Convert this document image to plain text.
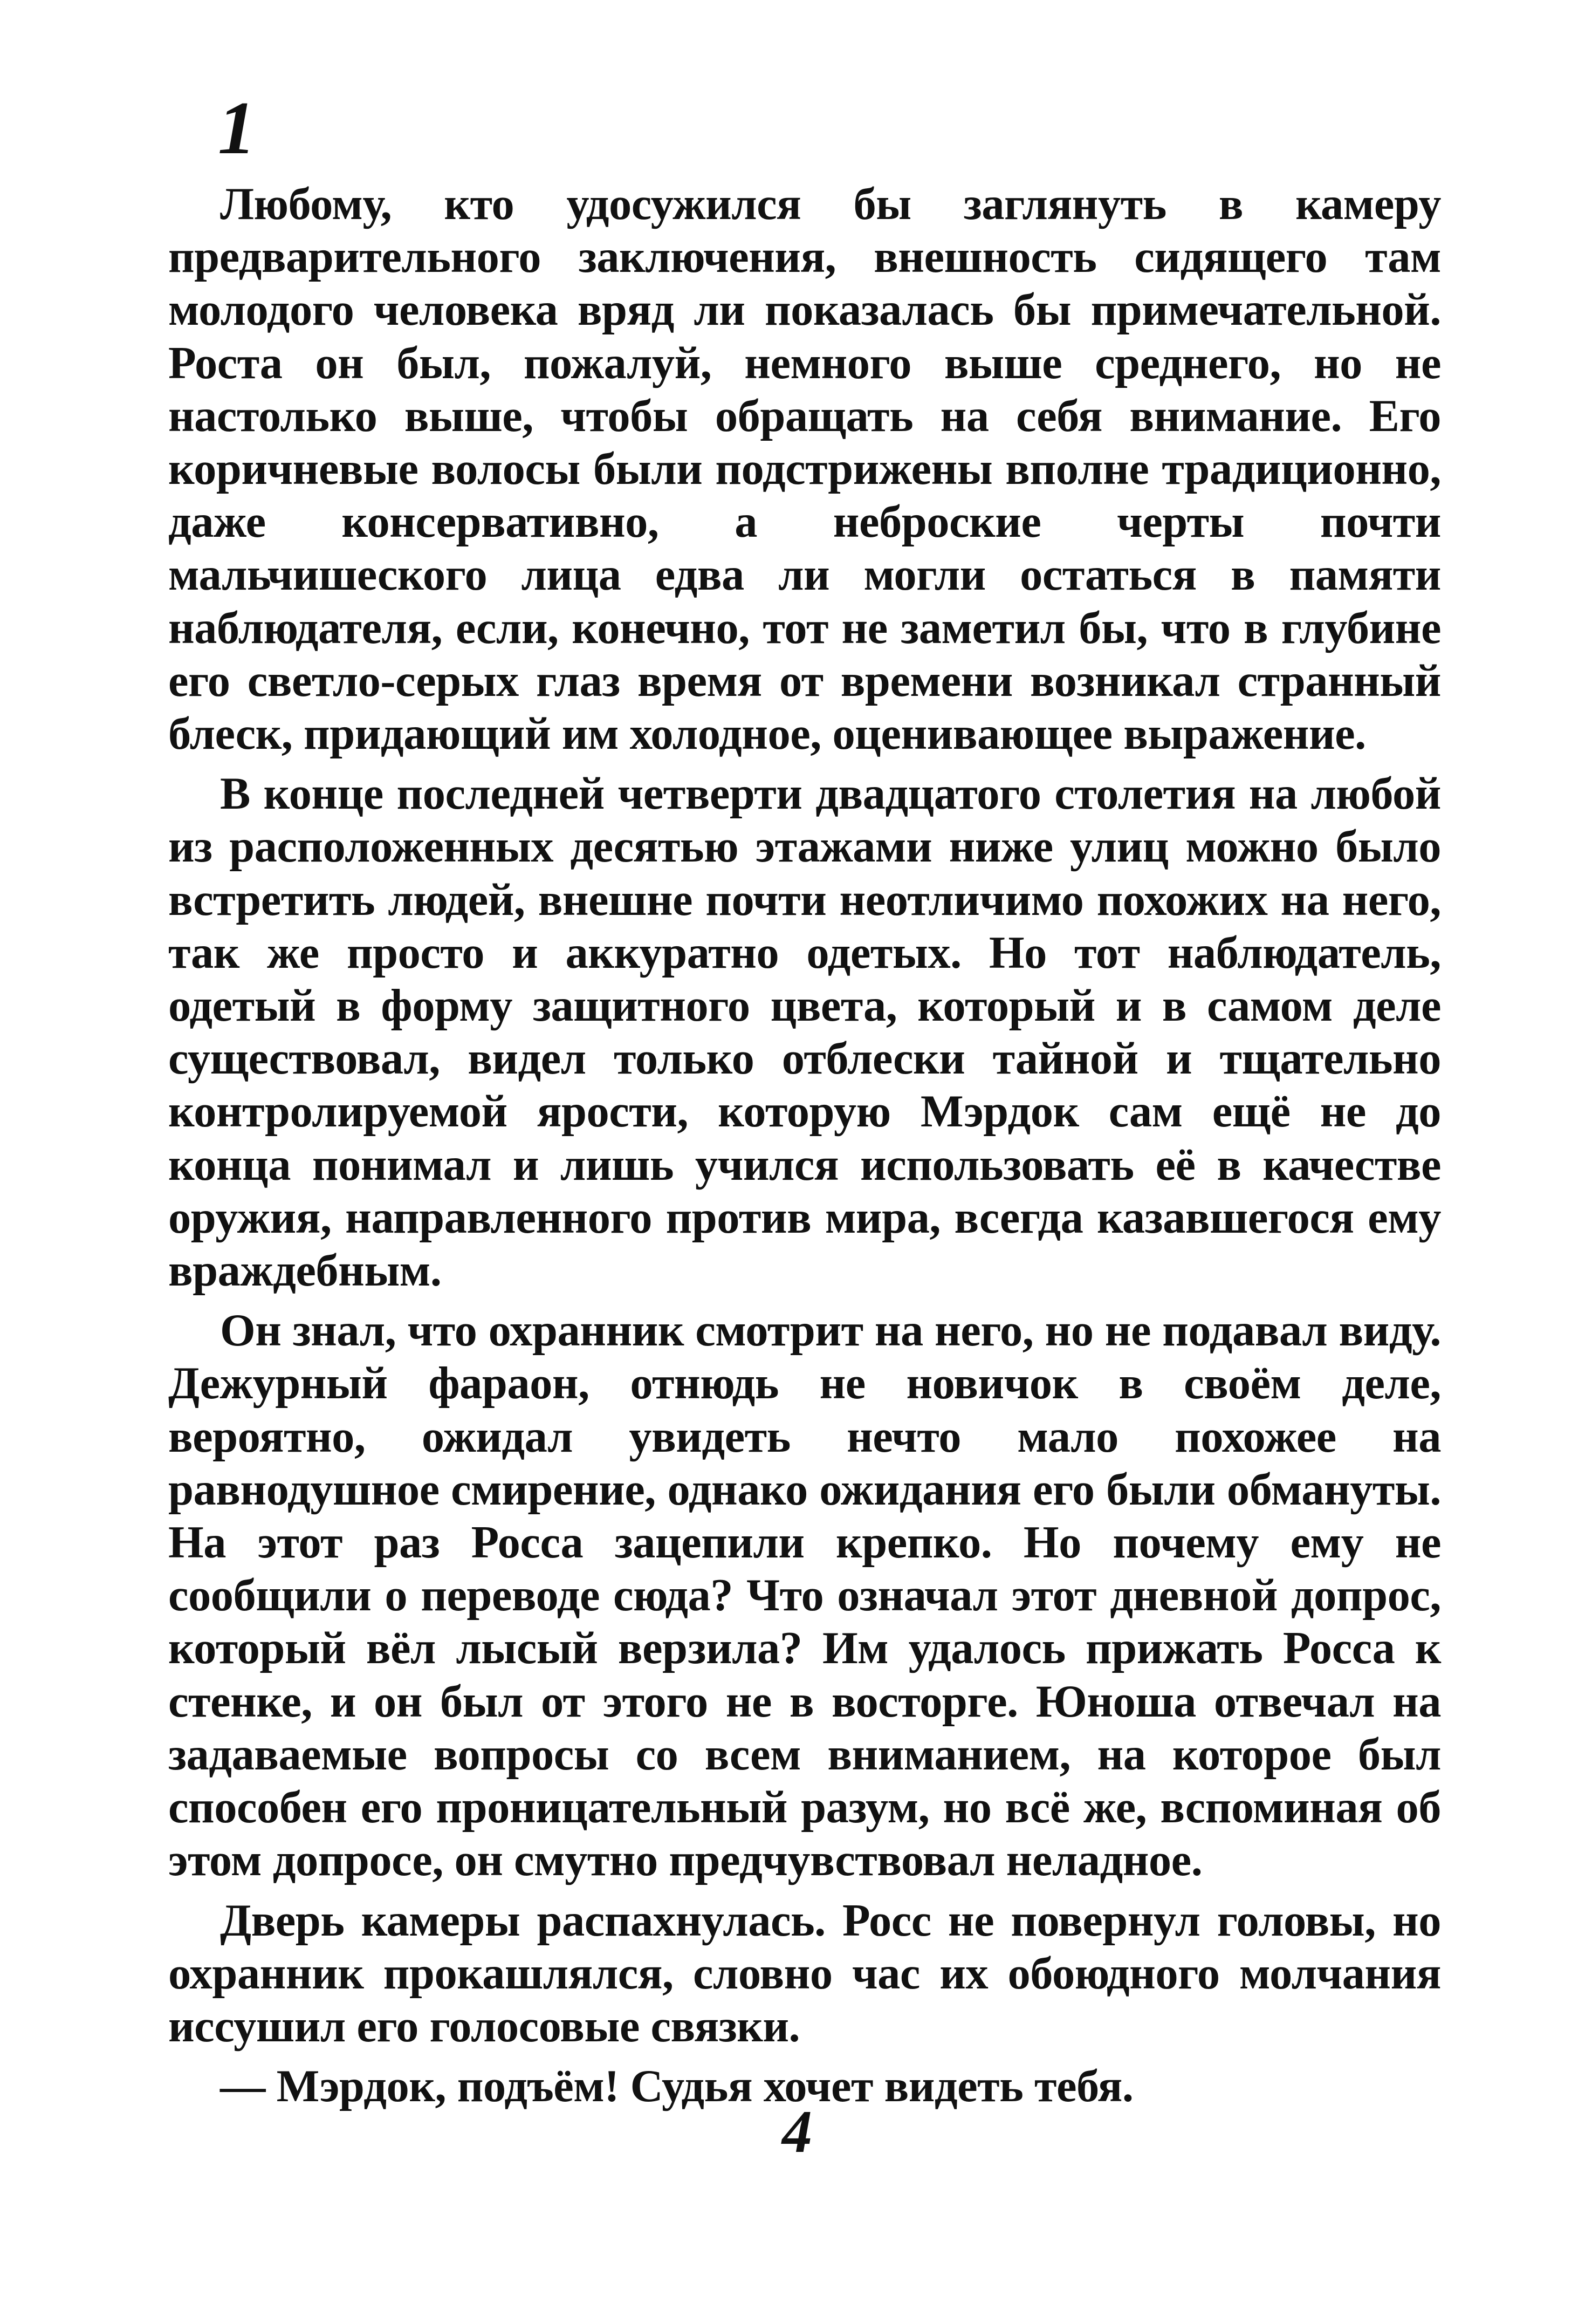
1

Любому, кто удосужился бы заглянуть в камеру предварительного заключения, внешность сидящего там молодого человека вряд ли показалась бы примечательной. Роста он был, пожалуй, немного выше среднего, но не настолько выше, чтобы обращать на себя внимание. Его коричневые волосы были подстрижены вполне традиционно, даже консервативно, а неброские черты почти мальчишеского лица едва ли могли остаться в памяти наблюдателя, если, конечно, тот не заметил бы, что в глубине его светло-серых глаз время от времени возникал странный блеск, придающий им холодное, оценивающее выражение.

В конце последней четверти двадцатого столетия на любой из расположенных десятью этажами ниже улиц можно было встретить людей, внешне почти неотличимо похожих на него, так же просто и аккуратно одетых. Но тот наблюдатель, одетый в форму защитного цвета, который и в самом деле существовал, видел только отблески тайной и тщательно контролируемой ярости, которую Мэрдок сам ещё не до конца понимал и лишь учился использовать её в качестве оружия, направленного против мира, всегда казавшегося ему враждебным.

Он знал, что охранник смотрит на него, но не подавал виду. Дежурный фараон, отнюдь не новичок в своём деле, вероятно, ожидал увидеть нечто мало похожее на равнодушное смирение, однако ожидания его были обмануты. На этот раз Росса зацепили крепко. Но почему ему не сообщили о переводе сюда? Что означал этот дневной допрос, который вёл лысый верзила? Им удалось прижать Росса к стенке, и он был от этого не в восторге. Юноша отвечал на задаваемые вопросы со всем вниманием, на которое был способен его проницательный разум, но всё же, вспоминая об этом допросе, он смутно предчувствовал неладное.

Дверь камеры распахнулась. Росс не повернул головы, но охранник прокашлялся, словно час их обоюдного молчания иссушил его голосовые связки.

— Мэрдок, подъём! Судья хочет видеть тебя.

4
